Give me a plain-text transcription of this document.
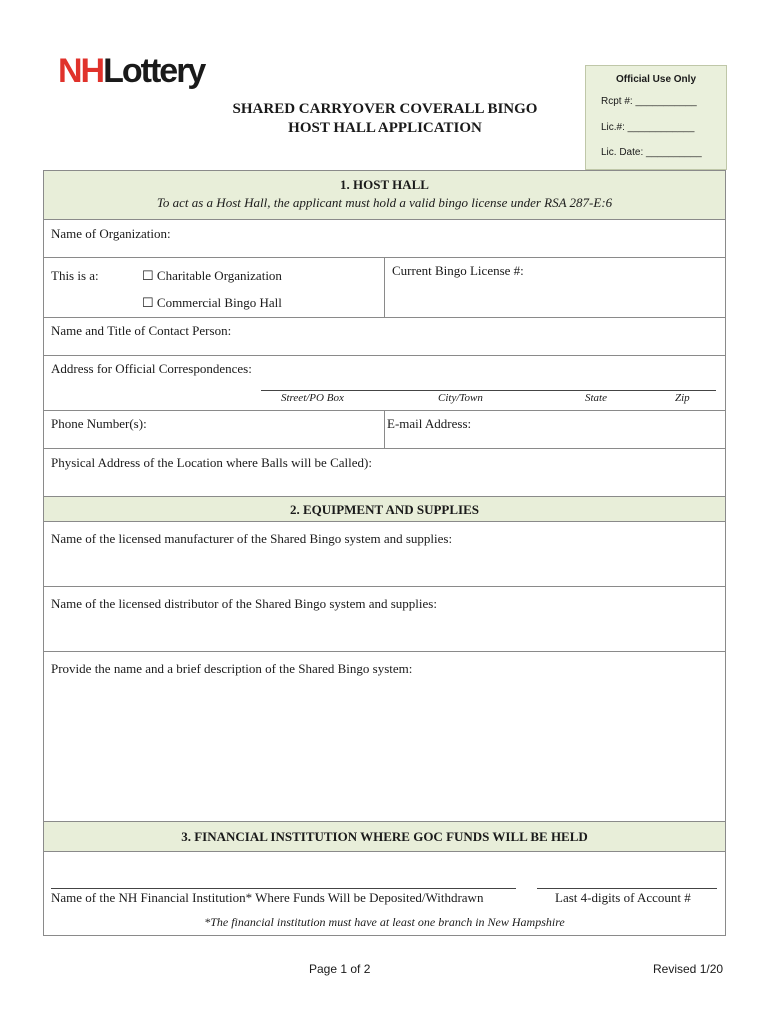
NHLottery
SHARED CARRYOVER COVERALL BINGO
HOST HALL APPLICATION
Official Use Only
Rcpt #: ___________
Lic.#: ____________
Lic. Date: __________
1. HOST HALL
To act as a Host Hall, the applicant must hold a valid bingo license under RSA 287-E:6
Name of Organization:
This is a:	☐ Charitable Organization
☐ Commercial Bingo Hall
Current Bingo License #:
Name and Title of Contact Person:
Address for Official Correspondences:
Street/PO Box	City/Town	State	Zip
Phone Number(s):	E-mail Address:
Physical Address of the Location where Balls will be Called):
2. EQUIPMENT AND SUPPLIES
Name of the licensed manufacturer of the Shared Bingo system and supplies:
Name of the licensed distributor of the Shared Bingo system and supplies:
Provide the name and a brief description of the Shared Bingo system:
3. FINANCIAL INSTITUTION WHERE GOC FUNDS WILL BE HELD
Name of the NH Financial Institution* Where Funds Will be Deposited/Withdrawn	Last 4-digits of Account #
*The financial institution must have at least one branch in New Hampshire
Page 1 of 2	Revised 1/20
